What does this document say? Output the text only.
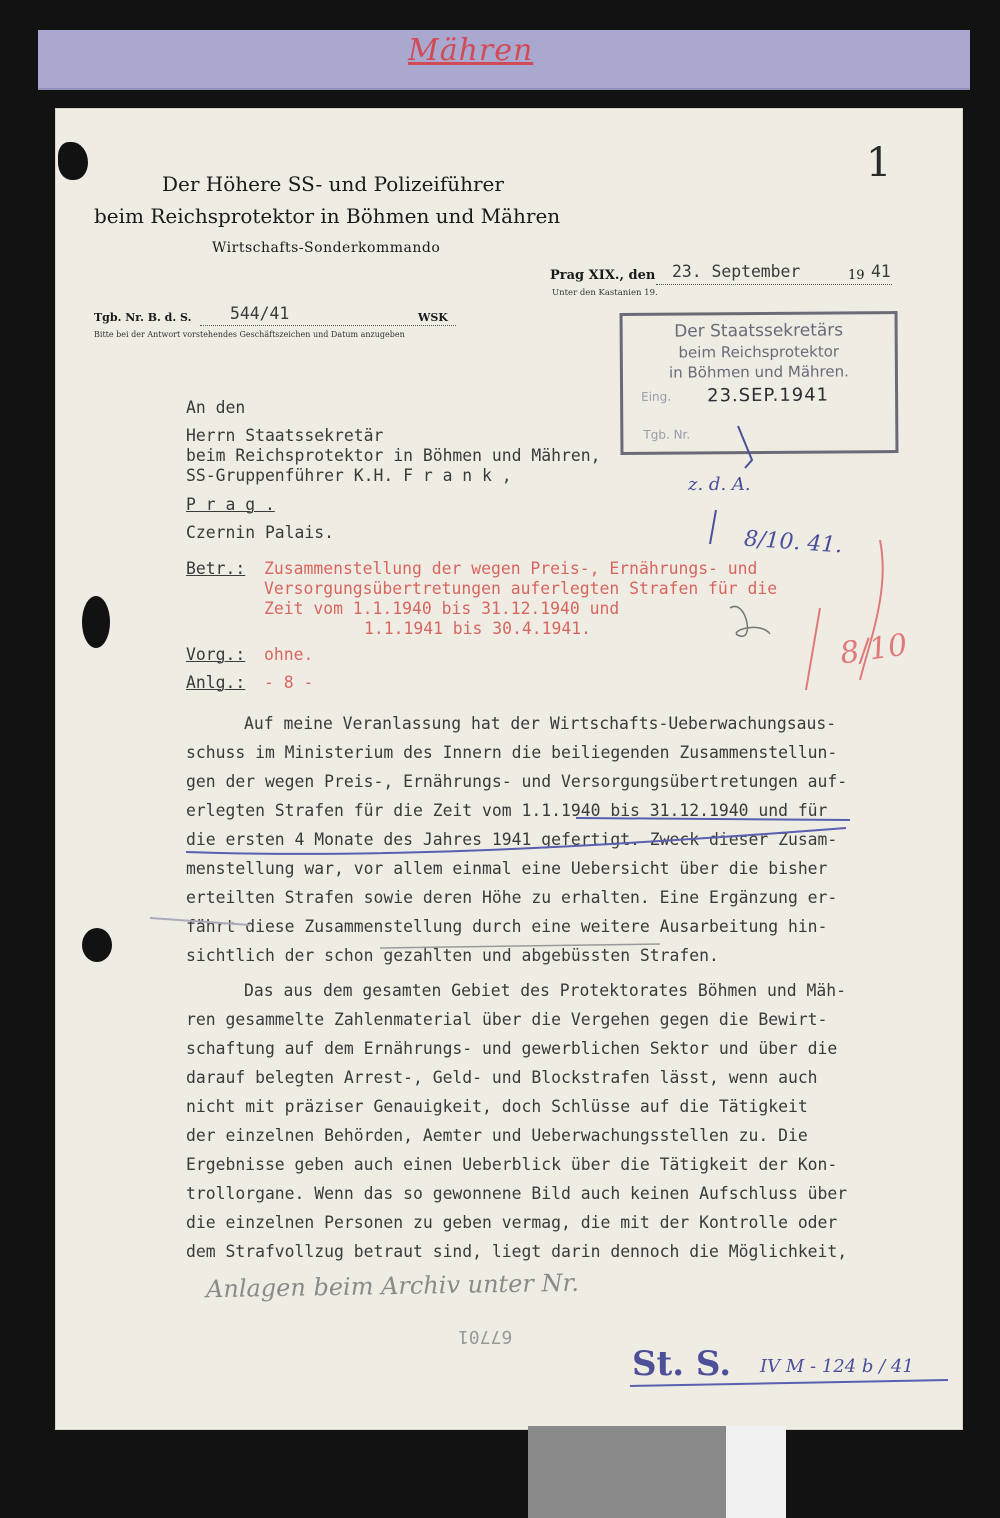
Mähren
1
Der Höhere SS- und Polizeiführer
beim Reichsprotektor in Böhmen und Mähren
Wirtschafts-Sonderkommando
Prag XIX., den 23. September	19 41
Unter den Kastanien 19.
Tgb. Nr. B. d. S. 544/41	WSK
Bitte bei der Antwort vorstehendes Geschäftszeichen und Datum anzugeben	Der Staatssekretärs
beim Reichsprotektor
in Böhmen und Mähren.
Eing. 23.SEP.1941
Tgb. Nr.
An den
Herrn Staatssekretär
beim Reichsprotektor in Böhmen und Mähren,
SS-Gruppenführer K.H. F r a n k ,
P r a g .
Czernin Palais.
Betr.: Zusammenstellung der wegen Preis-, Ernährungs- und
Versorgungsübertretungen auferlegten Strafen für die
Zeit vom 1.1.1940 bis 31.12.1940 und
1.1.1941 bis 30.4.1941.
Vorg.: ohne.
Anlg.: - 8 -
Auf meine Veranlassung hat der Wirtschafts-Ueberwachungsaus-
schuss im Ministerium des Innern die beiliegenden Zusammenstellun-
gen der wegen Preis-, Ernährungs- und Versorgungsübertretungen auf-
erlegten Strafen für die Zeit vom 1.1.1940 bis 31.12.1940 und für
die ersten 4 Monate des Jahres 1941 gefertigt. Zweck dieser Zusam-
menstellung war, vor allem einmal eine Uebersicht über die bisher
erteilten Strafen sowie deren Höhe zu erhalten. Eine Ergänzung er-
fährt diese Zusammenstellung durch eine weitere Ausarbeitung hin-
sichtlich der schon gezahlten und abgebüssten Strafen.
Das aus dem gesamten Gebiet des Protektorates Böhmen und Mäh-
ren gesammelte Zahlenmaterial über die Vergehen gegen die Bewirt-
schaftung auf dem Ernährungs- und gewerblichen Sektor und über die
darauf belegten Arrest-, Geld- und Blockstrafen lässt, wenn auch
nicht mit präziser Genauigkeit, doch Schlüsse auf die Tätigkeit
der einzelnen Behörden, Aemter und Ueberwachungsstellen zu. Die
Ergebnisse geben auch einen Ueberblick über die Tätigkeit der Kon-
trollorgane. Wenn das so gewonnene Bild auch keinen Aufschluss über
die einzelnen Personen zu geben vermag, die mit der Kontrolle oder
dem Strafvollzug betraut sind, liegt darin dennoch die Möglichkeit,
z. d. A.
8/10. 41.
8/10
Anlagen beim Archiv unter Nr.
67701
St. S. IV M - 124 b / 41
